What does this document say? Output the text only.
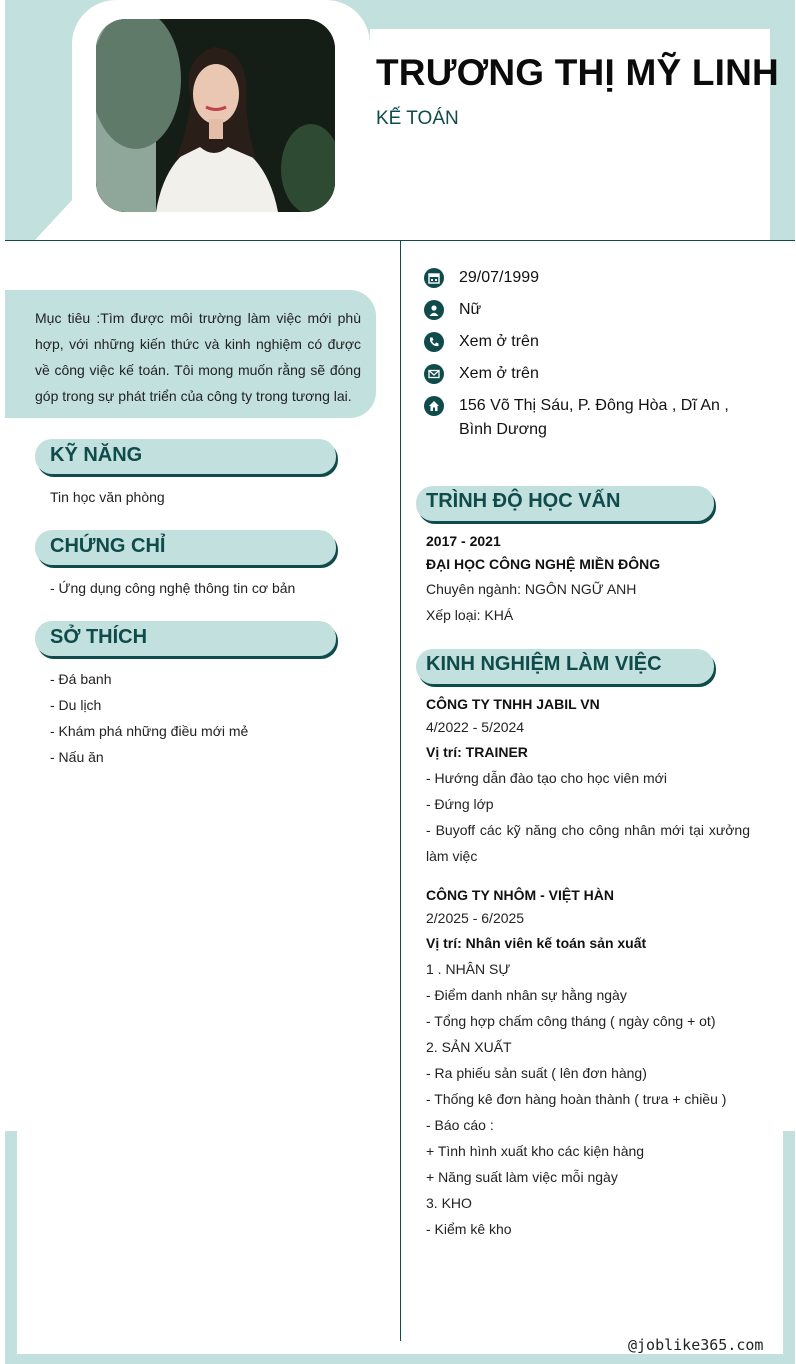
TRƯƠNG THỊ MỸ LINH
KẾ TOÁN

Mục tiêu :Tìm được môi trường làm việc mới phù hợp, với những kiến thức và kinh nghiệm có được về công việc kế toán. Tôi mong muốn rằng sẽ đóng góp trong sự phát triển của công ty trong tương lai.

KỸ NĂNG
Tin học văn phòng
CHỨNG CHỈ
- Ứng dụng công nghệ thông tin cơ bản
SỞ THÍCH
- Đá banh
- Du lịch
- Khám phá những điều mới mẻ
- Nấu ăn
29/07/1999
Nữ
Xem ở trên
Xem ở trên
156 Võ Thị Sáu, P. Đông Hòa , Dĩ An , Bình Dương
TRÌNH ĐỘ HỌC VẤN
2017 - 2021
ĐẠI HỌC CÔNG NGHỆ MIỀN ĐÔNG
Chuyên ngành: NGÔN NGỮ ANH
Xếp loại: KHÁ
KINH NGHIỆM LÀM VIỆC
CÔNG TY TNHH JABIL VN
4/2022 - 5/2024
Vị trí: TRAINER
- Hướng dẫn đào tạo cho học viên mới
- Đứng lớp
- Buyoff các kỹ năng cho công nhân mới tại xưởng làm việc
CÔNG TY NHÔM - VIỆT HÀN
2/2025 - 6/2025
Vị trí: Nhân viên kế toán sản xuất
1 . NHÂN SỰ
- Điểm danh nhân sự hằng ngày
- Tổng hợp chấm công tháng ( ngày công + ot)
2. SẢN XUẤT
- Ra phiếu sản suất ( lên đơn hàng)
- Thống kê đơn hàng hoàn thành ( trưa + chiều )
- Báo cáo :
+ Tình hình xuất kho các kiện hàng
+ Năng suất làm việc mỗi ngày
3. KHO
- Kiểm kê kho
@joblike365.com
